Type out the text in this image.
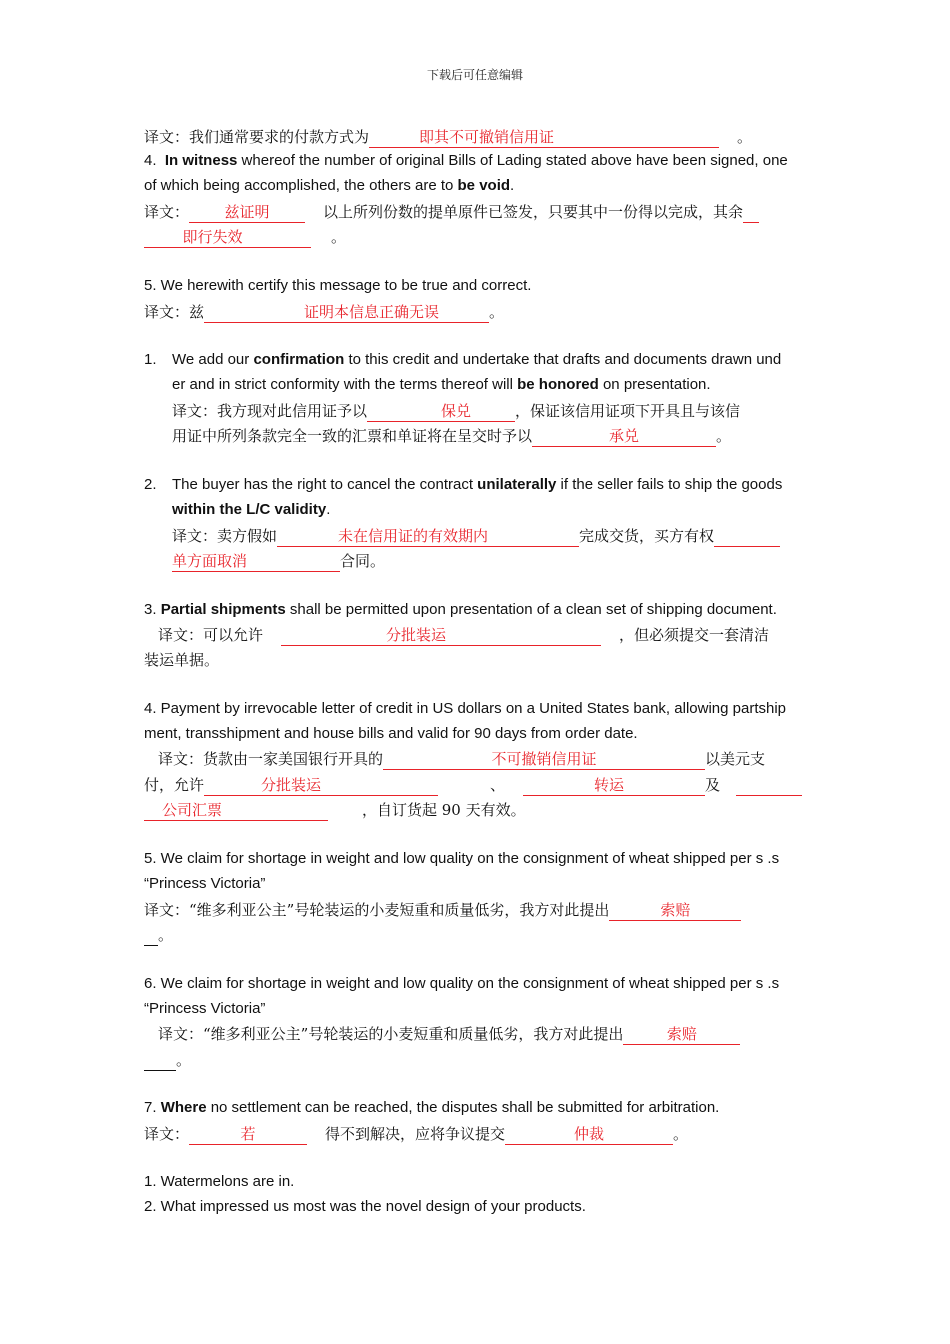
下载后可任意编辑
译文：我们通常要求的付款方式为	即其不可撤销信用证	。
4. In witness whereof the number of original Bills of Lading stated above have been signed, one
of which being accomplished, the others are to be void.
译文： 兹证明	以上所列份数的提单原件已签发，只要其中一份得以完成，其余
即行失效	。
5. We herewith certify this message to be true and correct.
译文：兹	证明本信息正确无误	。
1. We add our confirmation to this credit and undertake that drafts and documents drawn und
er and in strict conformity with the terms thereof will be honored on presentation.
译文：我方现对此信用证予以	保兑	，保证该信用证项下开具且与该信
用证中所列条款完全一致的汇票和单证将在呈交时予以	承兑	。
2. The buyer has the right to cancel the contract unilaterally if the seller fails to ship the goods
within the L/C validity.
译文：卖方假如	未在信用证的有效期内	完成交货，买方有权
单方面取消	合同。
3. Partial shipments shall be permitted upon presentation of a clean set of shipping document.
译文：可以允许	分批装运	，但必须提交一套清洁
装运单据。
4. Payment by irrevocable letter of credit in US dollars on a United States bank, allowing partship
ment, transshipment and house bills and valid for 90 days from order date.
译文：货款由一家美国银行开具的	不可撤销信用证	以美元支
付，允许	分批装运	、	转运	及
公司汇票	，自订货起 90 天有效。
5. We claim for shortage in weight and low quality on the consignment of wheat shipped per s .s
“Princess Victoria”
译文：“维多利亚公主”号轮装运的小麦短重和质量低劣，我方对此提出	索赔
。
6. We claim for shortage in weight and low quality on the consignment of wheat shipped per s .s
“Princess Victoria”
译文：“维多利亚公主”号轮装运的小麦短重和质量低劣，我方对此提出	索赔
。
7. Where no settlement can be reached, the disputes shall be submitted for arbitration.
译文：	若	得不到解决，应将争议提交	仲裁	。
1. Watermelons are in.
2. What impressed us most was the novel design of your products.
